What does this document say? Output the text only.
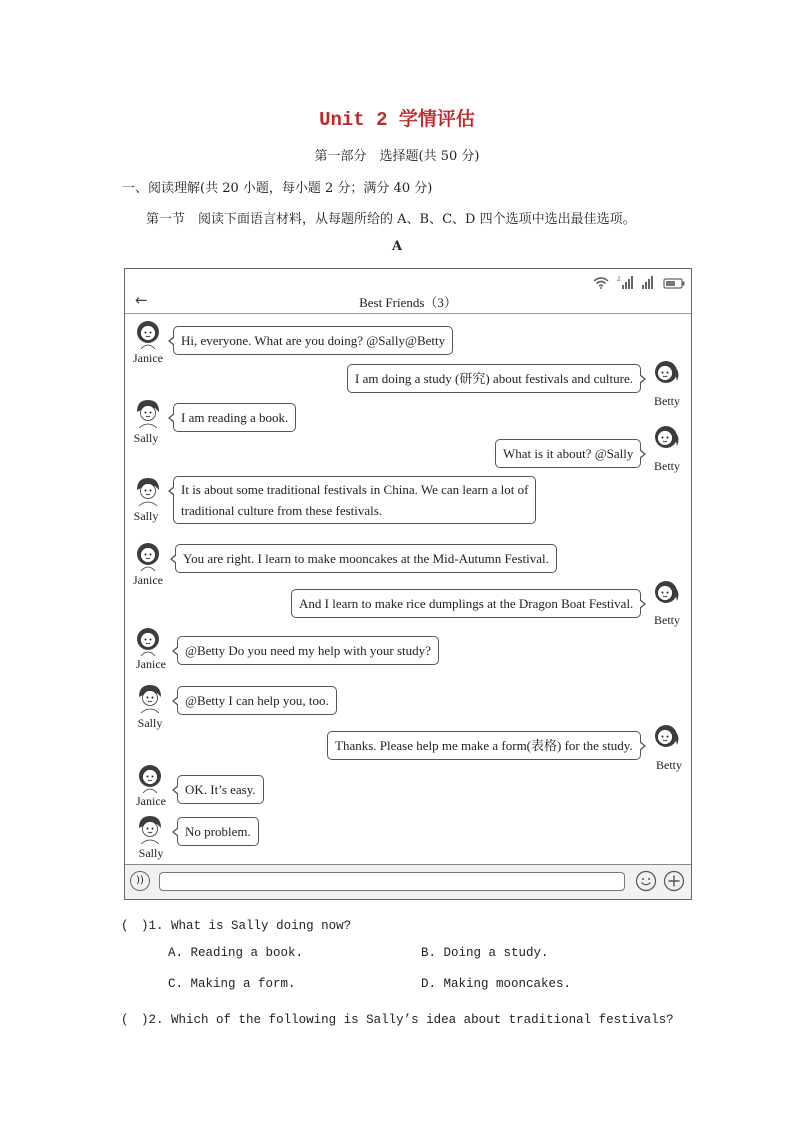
Unit 2 学情评估
第一部分　选择题(共 50 分)
一、阅读理解(共 20 小题，每小题 2 分；满分 40 分)
第一节　阅读下面语言材料，从每题所给的 A、B、C、D 四个选项中选出最佳选项。
A
2
←	Best Friends（3）
Janice
Hi, everyone. What are you doing? @Sally@Betty
Betty
I am doing a study (研究) about festivals and culture.
Sally
I am reading a book.
Betty
What is it about? @Sally
Sally
It is about some traditional festivals in China. We can learn a lot of
traditional culture from these festivals.
Janice
You are right. I learn to make mooncakes at the Mid-Autumn Festival.
Betty
And I learn to make rice dumplings at the Dragon Boat Festival.
Janice
@Betty Do you need my help with your study?
Sally
@Betty I can help you, too.
Betty
Thanks. Please help me make a form(表格) for the study.
Janice
OK. It’s easy.
Sally
No problem.
))
(　)1. What is Sally doing now?
A. Reading a book.	B. Doing a study.
C. Making a form.	D. Making mooncakes.
(　)2. Which of the following is Sally’s idea about traditional festivals?
